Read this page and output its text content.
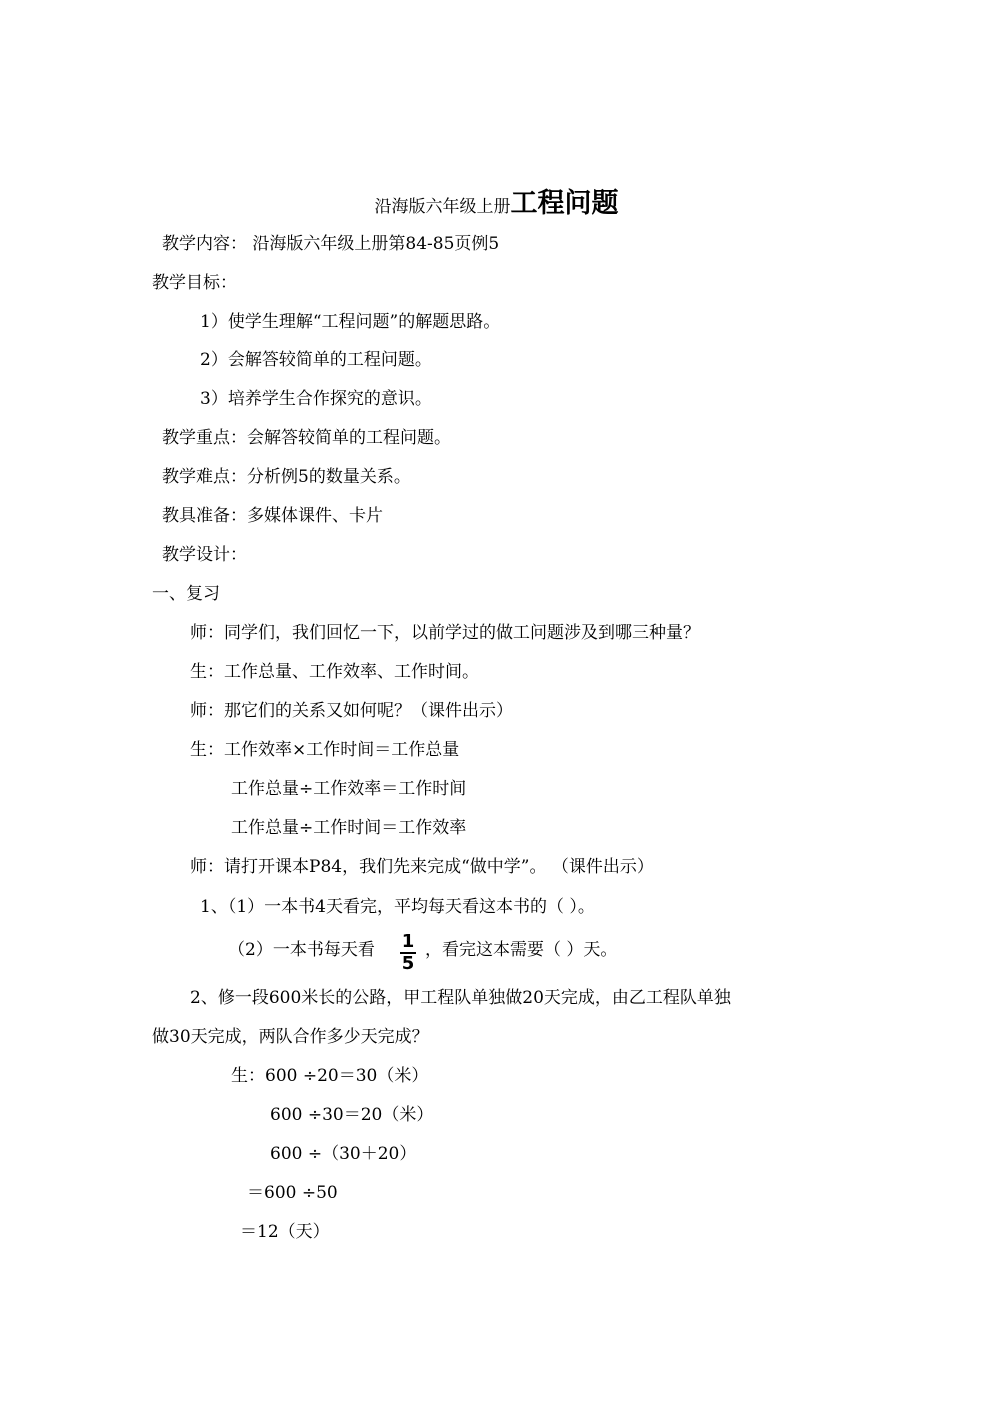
沿海版六年级上册工程问题
教学内容： 沿海版六年级上册第84-85页例5
教学目标：
1）使学生理解“工程问题”的解题思路。
2）会解答较简单的工程问题。
3）培养学生合作探究的意识。
教学重点：会解答较简单的工程问题。
教学难点：分析例5的数量关系。
教具准备：多媒体课件、卡片
教学设计：
一、复习
师：同学们，我们回忆一下，以前学过的做工问题涉及到哪三种量？
生：工作总量、工作效率、工作时间。
师：那它们的关系又如何呢？（课件出示）
生：工作效率×工作时间＝工作总量
工作总量÷工作效率＝工作时间
工作总量÷工作时间＝工作效率
师：请打开课本P84，我们先来完成“做中学”。 （课件出示）
1、（1）一本书4天看完，平均每天看这本书的（ ）。
（2）一本书每天看 1
5
，看完这本需要（ ）天。
2、修一段600米长的公路，甲工程队单独做20天完成，由乙工程队单独
做30天完成，两队合作多少天完成？
生：600 ÷20＝30（米）
600 ÷30＝20（米）
600 ÷（30＋20）
＝600 ÷50
＝12（天）
